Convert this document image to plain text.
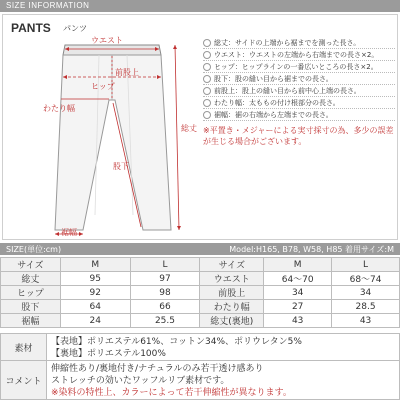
SIZE INFORMATION
PANTS パンツ
ウエスト
ヒップ
前股上
わたり幅
総丈
股下
裾幅
総丈：サイドの上端から裾までを測った長さ。
ウエスト：ウエストの左端から右端までの長さ×2。
ヒップ：ヒップラインの一番広いところの長さ×2。
股下：股の縫い目から裾までの長さ。
前股上：股上の縫い目から前中心上端の長さ。
わたり幅：太ももの付け根部分の長さ。
裾幅：裾の右端から左端までの長さ。
※平置き・メジャーによる実寸採寸の為、多少の誤差が生じる場合がございます。
SIZE(単位:cm)	Model:H165, B78, W58, H85 着用サイズ:M
サイズ	M	L	サイズ	M	L
総丈	95	97	ウエスト	64〜70	68〜74
ヒップ	92	98	前股上	34	34
股下	64	66	わたり幅	27	28.5
裾幅	24	25.5	総丈(裏地)	43	43
素材
【表地】ポリエステル61%、コットン34%、ポリウレタン5%
【裏地】ポリエステル100%
コメント
伸縮性あり/裏地付き/ナチュラルのみ若干透け感あり
ストレッチの効いたワッフルリブ素材です。
※染料の特性上、カラーによって若干伸縮性が異なります。
